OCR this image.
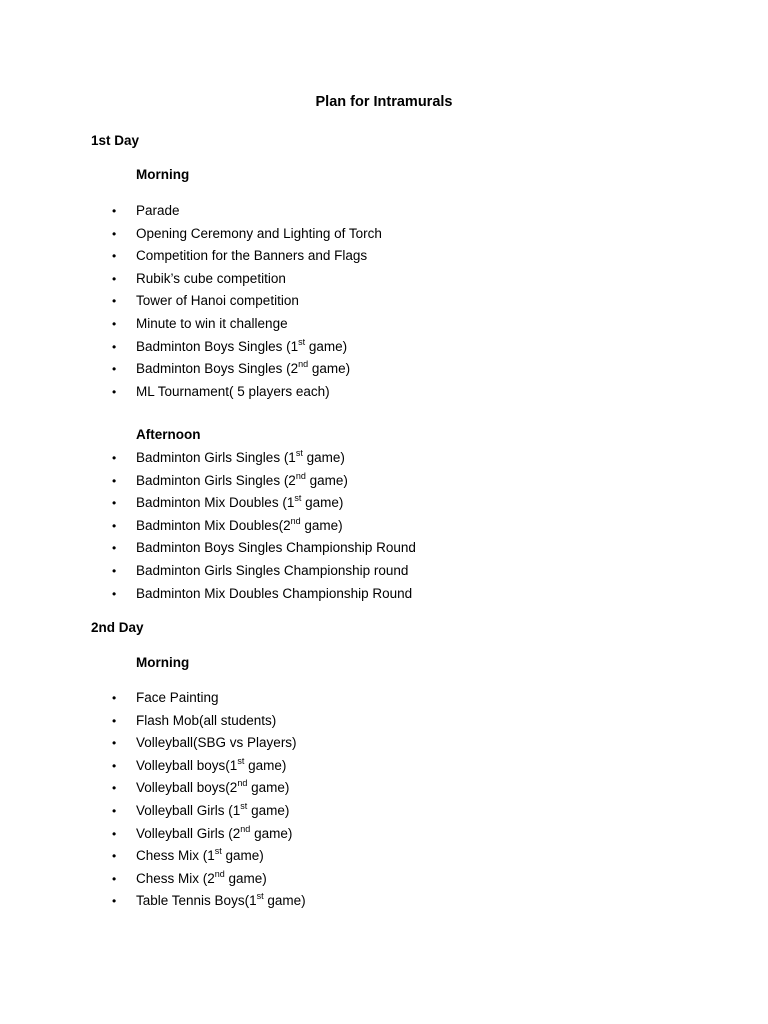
Plan for Intramurals
1st Day
Morning
• Parade
• Opening Ceremony and Lighting of Torch
• Competition for the Banners and Flags
• Rubik’s cube competition
• Tower of Hanoi competition
• Minute to win it challenge
• Badminton Boys Singles (1st game)
• Badminton Boys Singles (2nd game)
• ML Tournament( 5 players each)
Afternoon
• Badminton Girls Singles (1st game)
• Badminton Girls Singles (2nd game)
• Badminton Mix Doubles (1st game)
• Badminton Mix Doubles(2nd game)
• Badminton Boys Singles Championship Round
• Badminton Girls Singles Championship round
• Badminton Mix Doubles Championship Round
2nd Day
Morning
• Face Painting
• Flash Mob(all students)
• Volleyball(SBG vs Players)
• Volleyball boys(1st game)
• Volleyball boys(2nd game)
• Volleyball Girls (1st game)
• Volleyball Girls (2nd game)
• Chess Mix (1st game)
• Chess Mix (2nd game)
• Table Tennis Boys(1st game)
